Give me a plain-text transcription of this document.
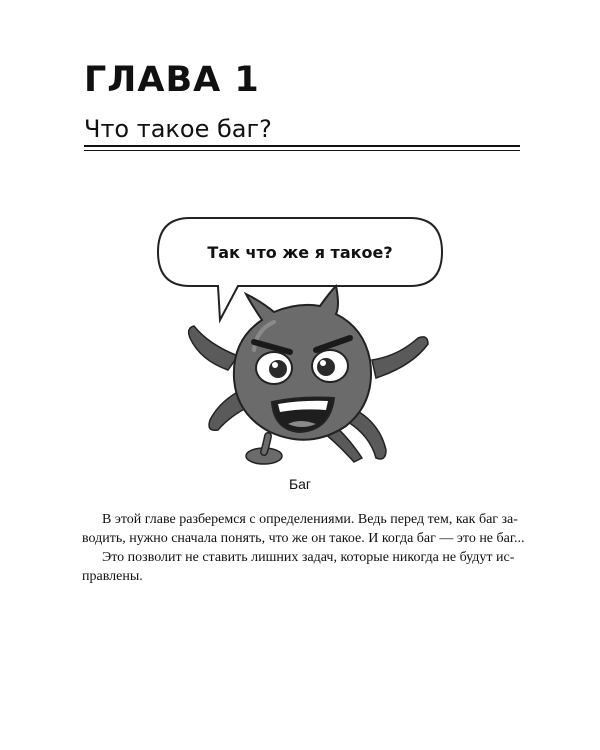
ГЛАВА 1
Что такое баг?
Так что же я такое?
Баг
В этой главе разберемся с определениями. Ведь перед тем, как баг за-
водить, нужно сначала понять, что же он такое. И когда баг — это не баг...
Это позволит не ставить лишних задач, которые никогда не будут ис-
правлены.
